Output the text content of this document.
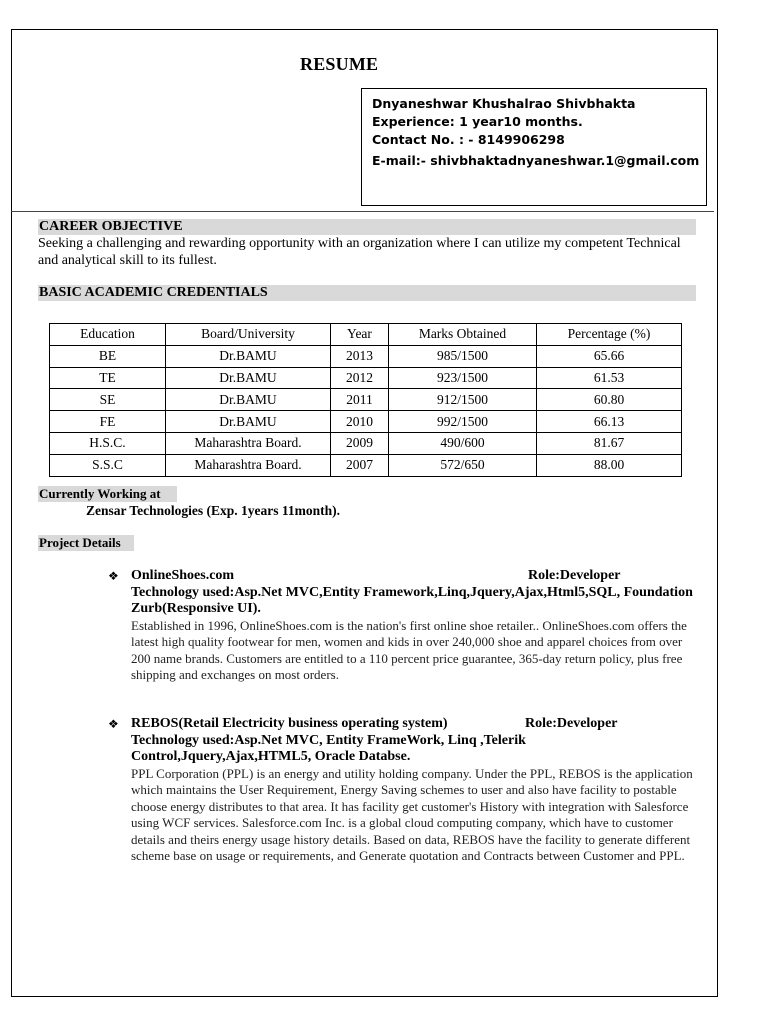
RESUME
Dnyaneshwar Khushalrao Shivbhakta
Experience: 1 year10 months.
Contact No. : - 8149906298
E-mail:- shivbhaktadnyaneshwar.1@gmail.com
CAREER OBJECTIVE
Seeking a challenging and rewarding opportunity with an organization where I can utilize my competent Technical and analytical skill to its fullest.
BASIC ACADEMIC CREDENTIALS
Education	Board/University	Year	Marks Obtained	Percentage (%)
BE	Dr.BAMU	2013	985/1500	65.66
TE	Dr.BAMU	2012	923/1500	61.53
SE	Dr.BAMU	2011	912/1500	60.80
FE	Dr.BAMU	2010	992/1500	66.13
H.S.C.	Maharashtra Board.	2009	490/600	81.67
S.S.C	Maharashtra Board.	2007	572/650	88.00
Currently Working at
Zensar Technologies (Exp. 1years 11month).
Project Details
❖ OnlineShoes.com	Role:Developer
Technology used:Asp.Net MVC,Entity Framework,Linq,Jquery,Ajax,Html5,SQL, Foundation Zurb(Responsive UI).
Established in 1996, OnlineShoes.com is the nation's first online shoe retailer.. OnlineShoes.com offers the latest high quality footwear for men, women and kids in over 240,000 shoe and apparel choices from over 200 name brands. Customers are entitled to a 110 percent price guarantee, 365-day return policy, plus free shipping and exchanges on most orders.
❖ REBOS(Retail Electricity business operating system)	Role:Developer
Technology used:Asp.Net MVC, Entity FrameWork, Linq ,Telerik Control,Jquery,Ajax,HTML5, Oracle Databse.
PPL Corporation (PPL) is an energy and utility holding company. Under the PPL, REBOS is the application which maintains the User Requirement, Energy Saving schemes to user and also have facility to postable choose energy distributes to that area. It has facility get customer's History with integration with Salesforce using WCF services. Salesforce.com Inc. is a global cloud computing company, which have to customer details and theirs energy usage history details. Based on data, REBOS have the facility to generate different scheme base on usage or requirements, and Generate quotation and Contracts between Customer and PPL.
